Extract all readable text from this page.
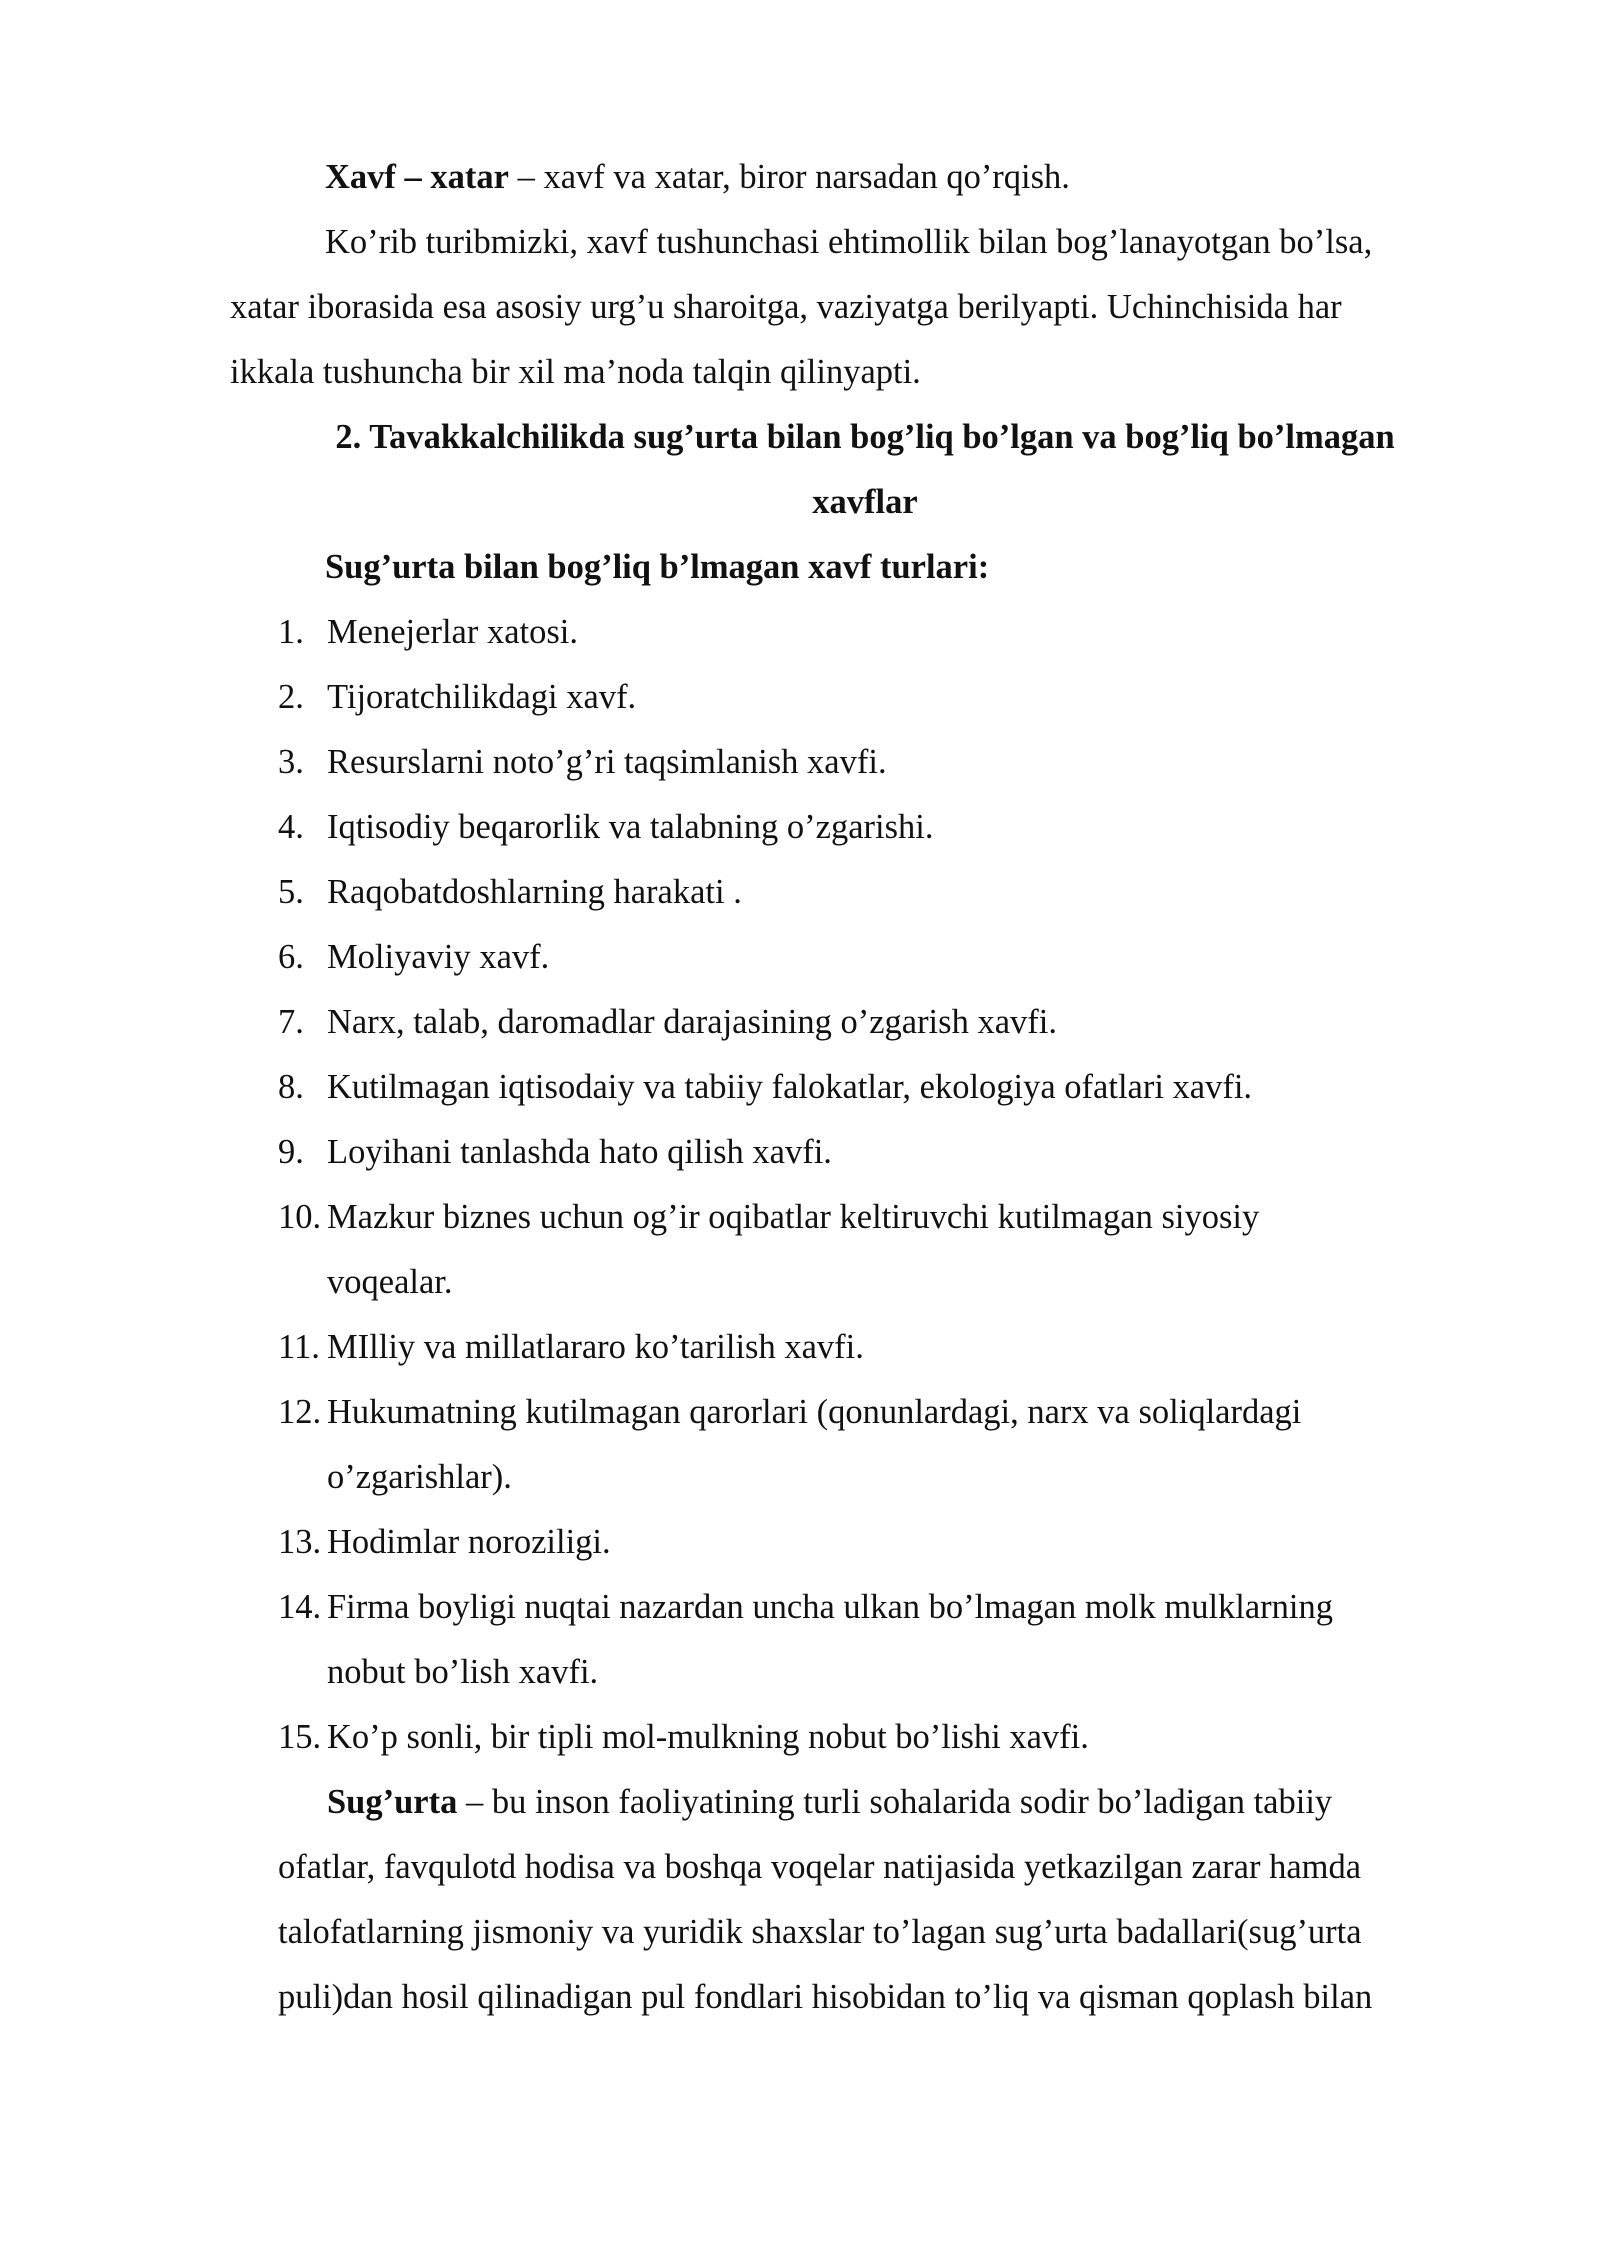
Xavf – xatar – xavf va xatar, biror narsadan qo’rqish.
Ko’rib turibmizki, xavf tushunchasi ehtimollik bilan bog’lanayotgan bo’lsa,
xatar iborasida esa asosiy urg’u sharoitga, vaziyatga berilyapti. Uchinchisida har
ikkala tushuncha bir xil ma’noda talqin qilinyapti.
2. Tavakkalchilikda sug’urta bilan bog’liq bo’lgan va bog’liq bo’lmagan
xavflar
Sug’urta bilan bog’liq b’lmagan xavf turlari:
1. Menejerlar xatosi.
2. Tijoratchilikdagi xavf.
3. Resurslarni noto’g’ri taqsimlanish xavfi.
4. Iqtisodiy beqarorlik va talabning o’zgarishi.
5. Raqobatdoshlarning harakati .
6. Moliyaviy xavf.
7. Narx, talab, daromadlar darajasining o’zgarish xavfi.
8. Kutilmagan iqtisodaiy va tabiiy falokatlar, ekologiya ofatlari xavfi.
9. Loyihani tanlashda hato qilish xavfi.
10. Mazkur biznes uchun og’ir oqibatlar keltiruvchi kutilmagan siyosiy
voqealar.
11. MIlliy va millatlararo ko’tarilish xavfi.
12. Hukumatning kutilmagan qarorlari (qonunlardagi, narx va soliqlardagi
o’zgarishlar).
13. Hodimlar noroziligi.
14. Firma boyligi nuqtai nazardan uncha ulkan bo’lmagan molk mulklarning
nobut bo’lish xavfi.
15. Ko’p sonli, bir tipli mol-mulkning nobut bo’lishi xavfi.
Sug’urta – bu inson faoliyatining turli sohalarida sodir bo’ladigan tabiiy
ofatlar, favqulotd hodisa va boshqa voqelar natijasida yetkazilgan zarar hamda
talofatlarning jismoniy va yuridik shaxslar to’lagan sug’urta badallari(sug’urta
puli)dan hosil qilinadigan pul fondlari hisobidan to’liq va qisman qoplash bilan
